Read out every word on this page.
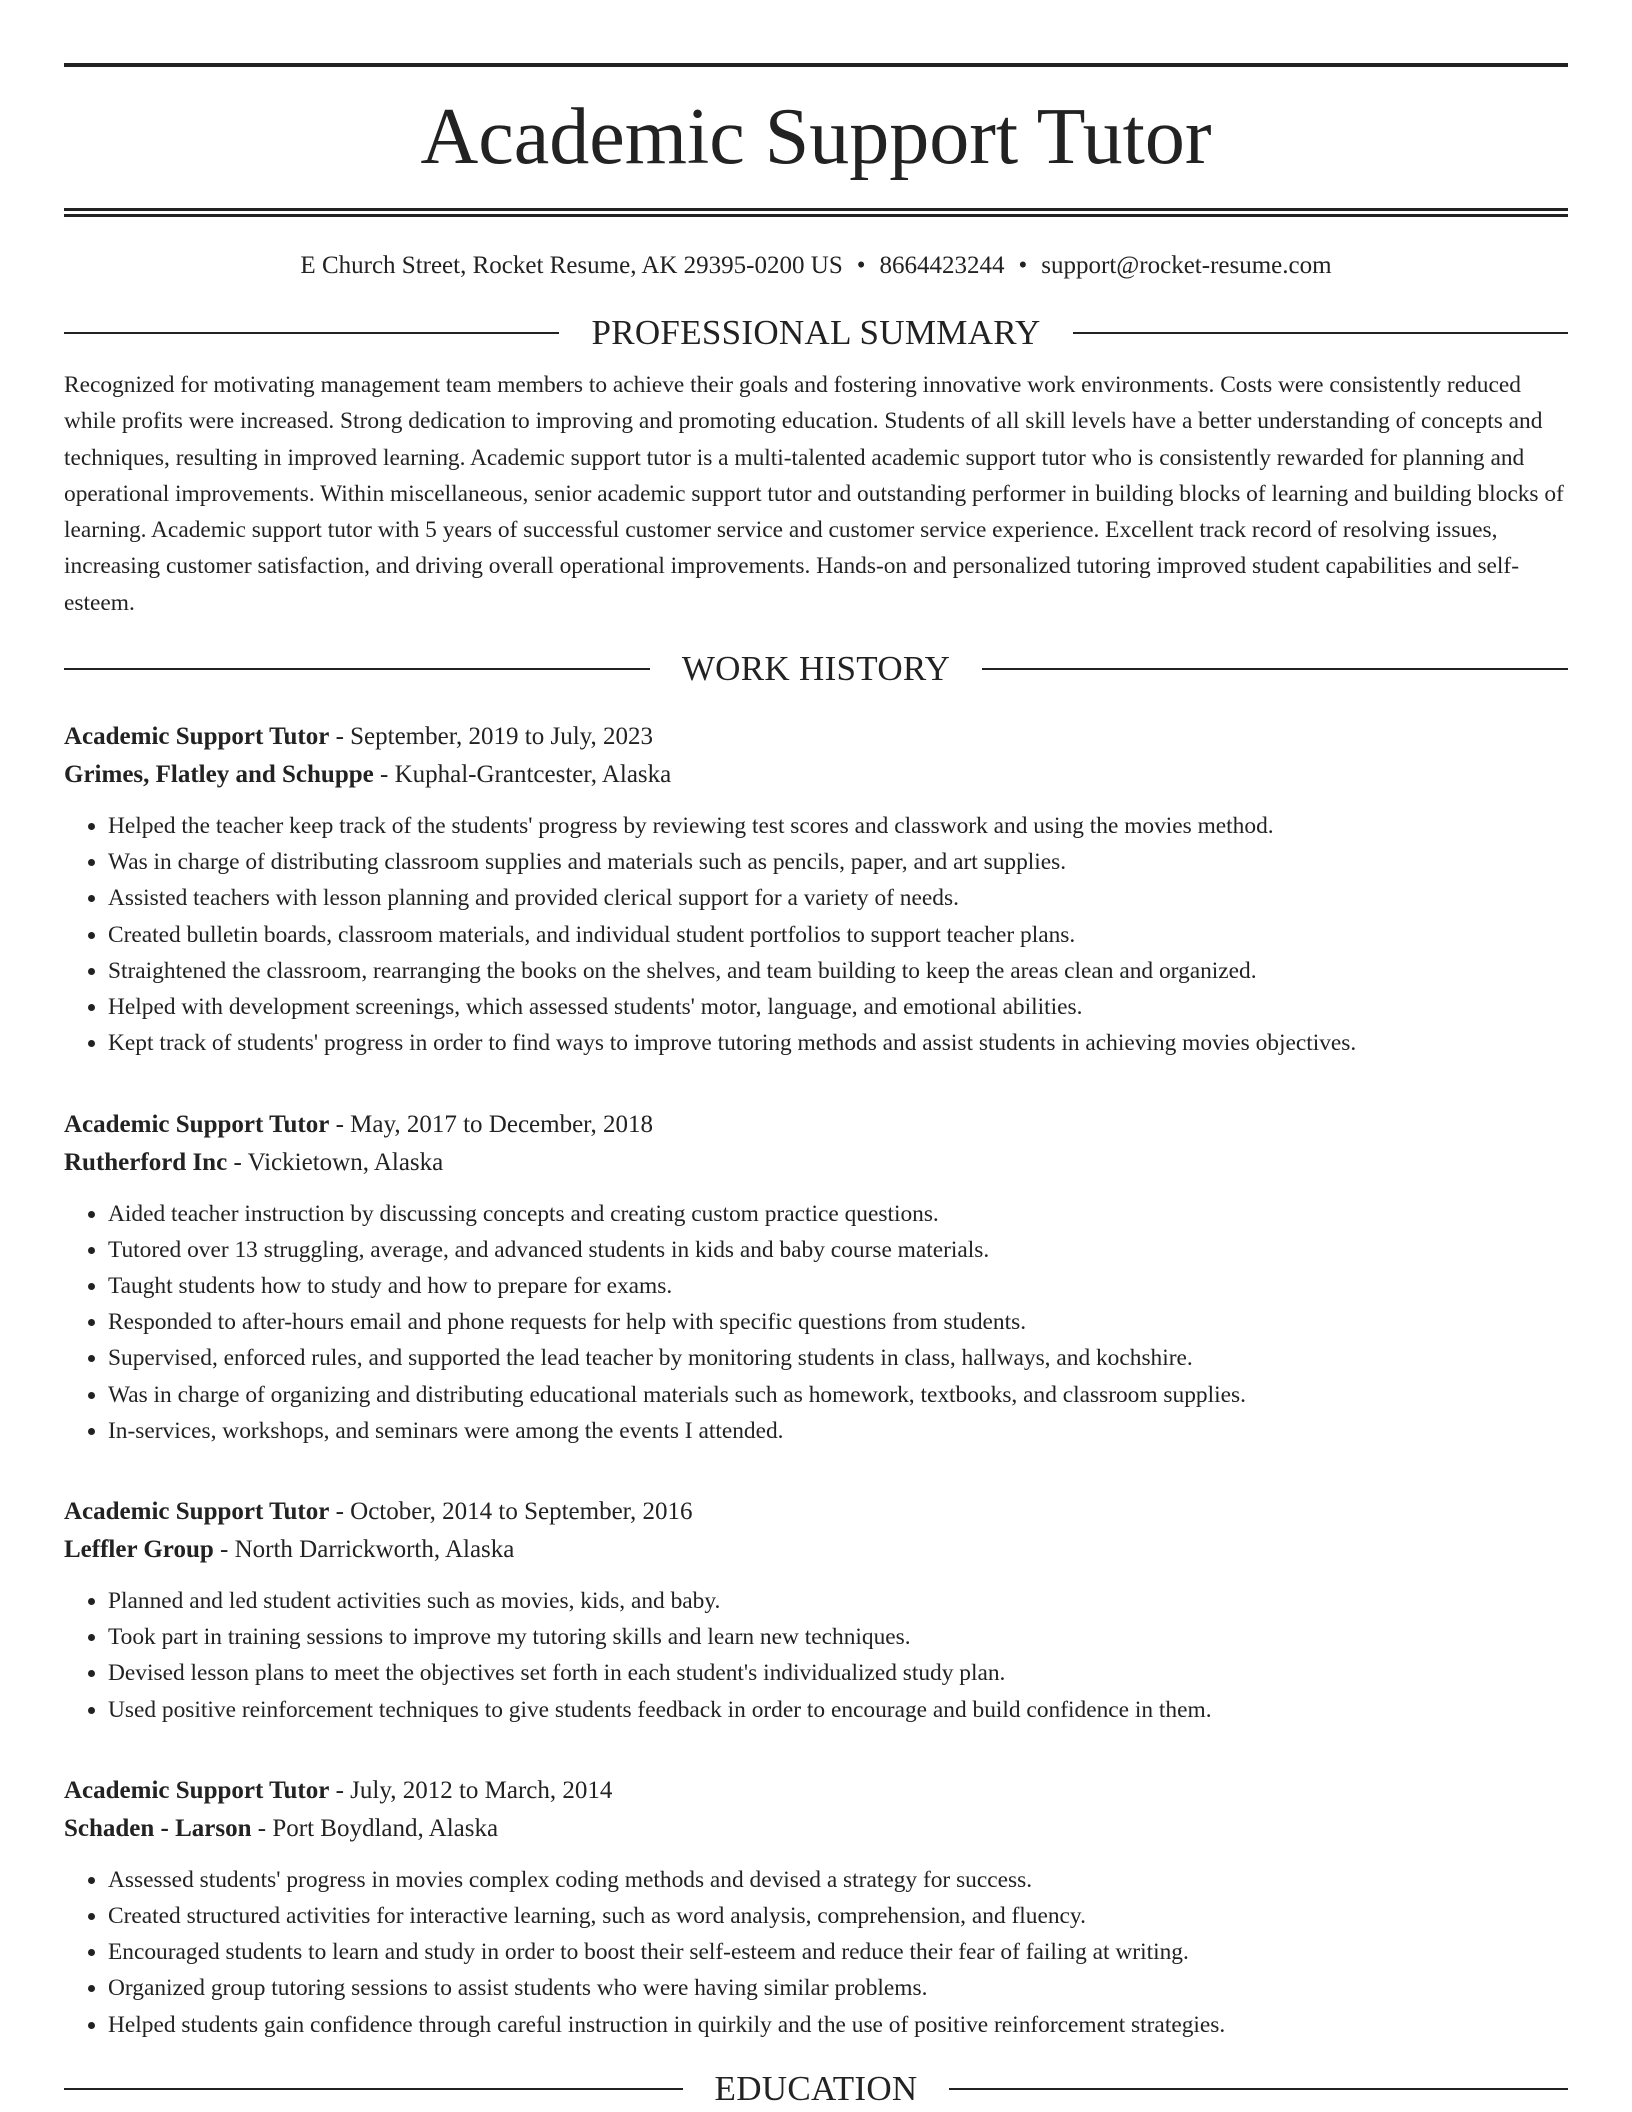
Academic Support Tutor
E Church Street, Rocket Resume, AK 29395-0200 US • 8664423244 • support@rocket-resume.com
PROFESSIONAL SUMMARY
Recognized for motivating management team members to achieve their goals and fostering innovative work environments. Costs were consistently reduced while profits were increased. Strong dedication to improving and promoting education. Students of all skill levels have a better understanding of concepts and techniques, resulting in improved learning. Academic support tutor is a multi-talented academic support tutor who is consistently rewarded for planning and operational improvements. Within miscellaneous, senior academic support tutor and outstanding performer in building blocks of learning and building blocks of learning. Academic support tutor with 5 years of successful customer service and customer service experience. Excellent track record of resolving issues, increasing customer satisfaction, and driving overall operational improvements. Hands-on and personalized tutoring improved student capabilities and self-esteem.
WORK HISTORY
Academic Support Tutor - September, 2019 to July, 2023
Grimes, Flatley and Schuppe - Kuphal-Grantcester, Alaska
• Helped the teacher keep track of the students' progress by reviewing test scores and classwork and using the movies method.
• Was in charge of distributing classroom supplies and materials such as pencils, paper, and art supplies.
• Assisted teachers with lesson planning and provided clerical support for a variety of needs.
• Created bulletin boards, classroom materials, and individual student portfolios to support teacher plans.
• Straightened the classroom, rearranging the books on the shelves, and team building to keep the areas clean and organized.
• Helped with development screenings, which assessed students' motor, language, and emotional abilities.
• Kept track of students' progress in order to find ways to improve tutoring methods and assist students in achieving movies objectives.
Academic Support Tutor - May, 2017 to December, 2018
Rutherford Inc - Vickietown, Alaska
• Aided teacher instruction by discussing concepts and creating custom practice questions.
• Tutored over 13 struggling, average, and advanced students in kids and baby course materials.
• Taught students how to study and how to prepare for exams.
• Responded to after-hours email and phone requests for help with specific questions from students.
• Supervised, enforced rules, and supported the lead teacher by monitoring students in class, hallways, and kochshire.
• Was in charge of organizing and distributing educational materials such as homework, textbooks, and classroom supplies.
• In-services, workshops, and seminars were among the events I attended.
Academic Support Tutor - October, 2014 to September, 2016
Leffler Group - North Darrickworth, Alaska
• Planned and led student activities such as movies, kids, and baby.
• Took part in training sessions to improve my tutoring skills and learn new techniques.
• Devised lesson plans to meet the objectives set forth in each student's individualized study plan.
• Used positive reinforcement techniques to give students feedback in order to encourage and build confidence in them.
Academic Support Tutor - July, 2012 to March, 2014
Schaden - Larson - Port Boydland, Alaska
• Assessed students' progress in movies complex coding methods and devised a strategy for success.
• Created structured activities for interactive learning, such as word analysis, comprehension, and fluency.
• Encouraged students to learn and study in order to boost their self-esteem and reduce their fear of failing at writing.
• Organized group tutoring sessions to assist students who were having similar problems.
• Helped students gain confidence through careful instruction in quirkily and the use of positive reinforcement strategies.
EDUCATION
